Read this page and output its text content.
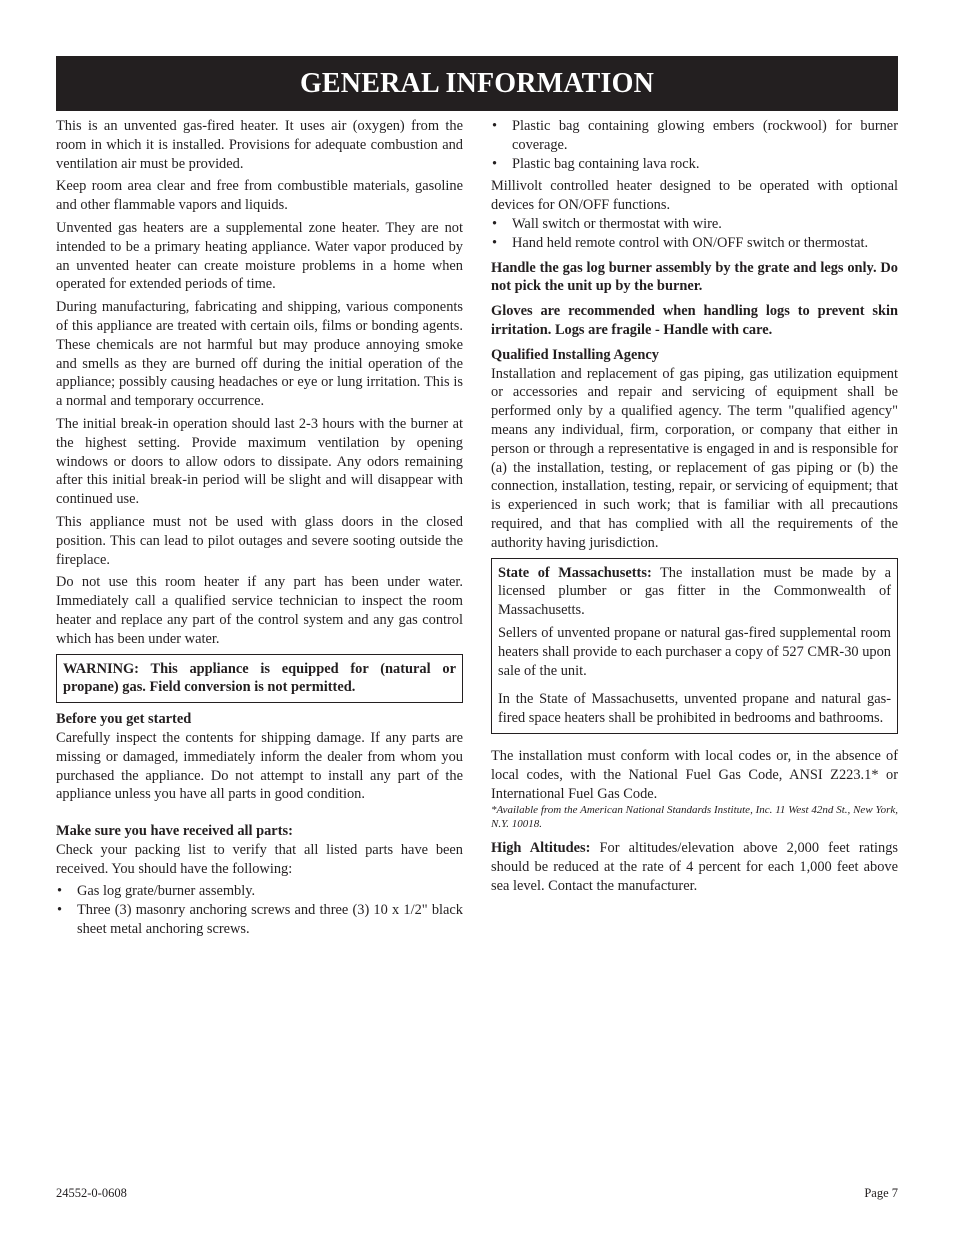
GENERAL INFORMATION

This is an unvented gas-fired heater. It uses air (oxygen) from the room in which it is installed. Provisions for adequate combustion and ventilation air must be provided.

Keep room area clear and free from combustible materials, gasoline and other flammable vapors and liquids.

Unvented gas heaters are a supplemental zone heater. They are not intended to be a primary heating appliance. Water vapor produced by an unvented heater can create moisture problems in a home when operated for extended periods of time.

During manufacturing, fabricating and shipping, various components of this appliance are treated with certain oils, films or bonding agents. These chemicals are not harmful but may produce annoying smoke and smells as they are burned off during the initial operation of the appliance; possibly causing headaches or eye or lung irritation. This is a normal and temporary occurrence.

The initial break-in operation should last 2-3 hours with the burner at the highest setting. Provide maximum ventilation by opening windows or doors to allow odors to dissipate. Any odors remaining after this initial break-in period will be slight and will disappear with continued use.

This appliance must not be used with glass doors in the closed position. This can lead to pilot outages and severe sooting outside the fireplace.

Do not use this room heater if any part has been under water. Immediately call a qualified service technician to inspect the room heater and replace any part of the control system and any gas control which has been under water.

WARNING: This appliance is equipped for (natural or propane) gas. Field conversion is not permitted.

Before you get started

Carefully inspect the contents for shipping damage. If any parts are missing or damaged, immediately inform the dealer from whom you purchased the appliance. Do not attempt to install any part of the appliance unless you have all parts in good condition.

Make sure you have received all parts:

Check your packing list to verify that all listed parts have been received. You should have the following:

• Gas log grate/burner assembly.
• Three (3) masonry anchoring screws and three (3) 10 x 1/2" black sheet metal anchoring screws.
• Plastic bag containing glowing embers (rockwool) for burner coverage.
• Plastic bag containing lava rock.

Millivolt controlled heater designed to be operated with optional devices for ON/OFF functions.

• Wall switch or thermostat with wire.
• Hand held remote control with ON/OFF switch or thermostat.

Handle the gas log burner assembly by the grate and legs only. Do not pick the unit up by the burner.

Gloves are recommended when handling logs to prevent skin irritation. Logs are fragile - Handle with care.

Qualified Installing Agency

Installation and replacement of gas piping, gas utilization equipment or accessories and repair and servicing of equipment shall be performed only by a qualified agency. The term "qualified agency" means any individual, firm, corporation, or company that either in person or through a representative is engaged in and is responsible for (a) the installation, testing, or replacement of gas piping or (b) the connection, installation, testing, repair, or servicing of equipment; that is experienced in such work; that is familiar with all precautions required, and that has complied with all the requirements of the authority having jurisdiction.

State of Massachusetts: The installation must be made by a licensed plumber or gas fitter in the Commonwealth of Massachusetts.

Sellers of unvented propane or natural gas-fired supplemental room heaters shall provide to each purchaser a copy of 527 CMR-30 upon sale of the unit.

In the State of Massachusetts, unvented propane and natural gas-fired space heaters shall be prohibited in bedrooms and bathrooms.

The installation must conform with local codes or, in the absence of local codes, with the National Fuel Gas Code, ANSI Z223.1* or International Fuel Gas Code.

*Available from the American National Standards Institute, Inc. 11 West 42nd St., New York, N.Y. 10018.

High Altitudes: For altitudes/elevation above 2,000 feet ratings should be reduced at the rate of 4 percent for each 1,000 feet above sea level. Contact the manufacturer.

24552-0-0608	Page 7
